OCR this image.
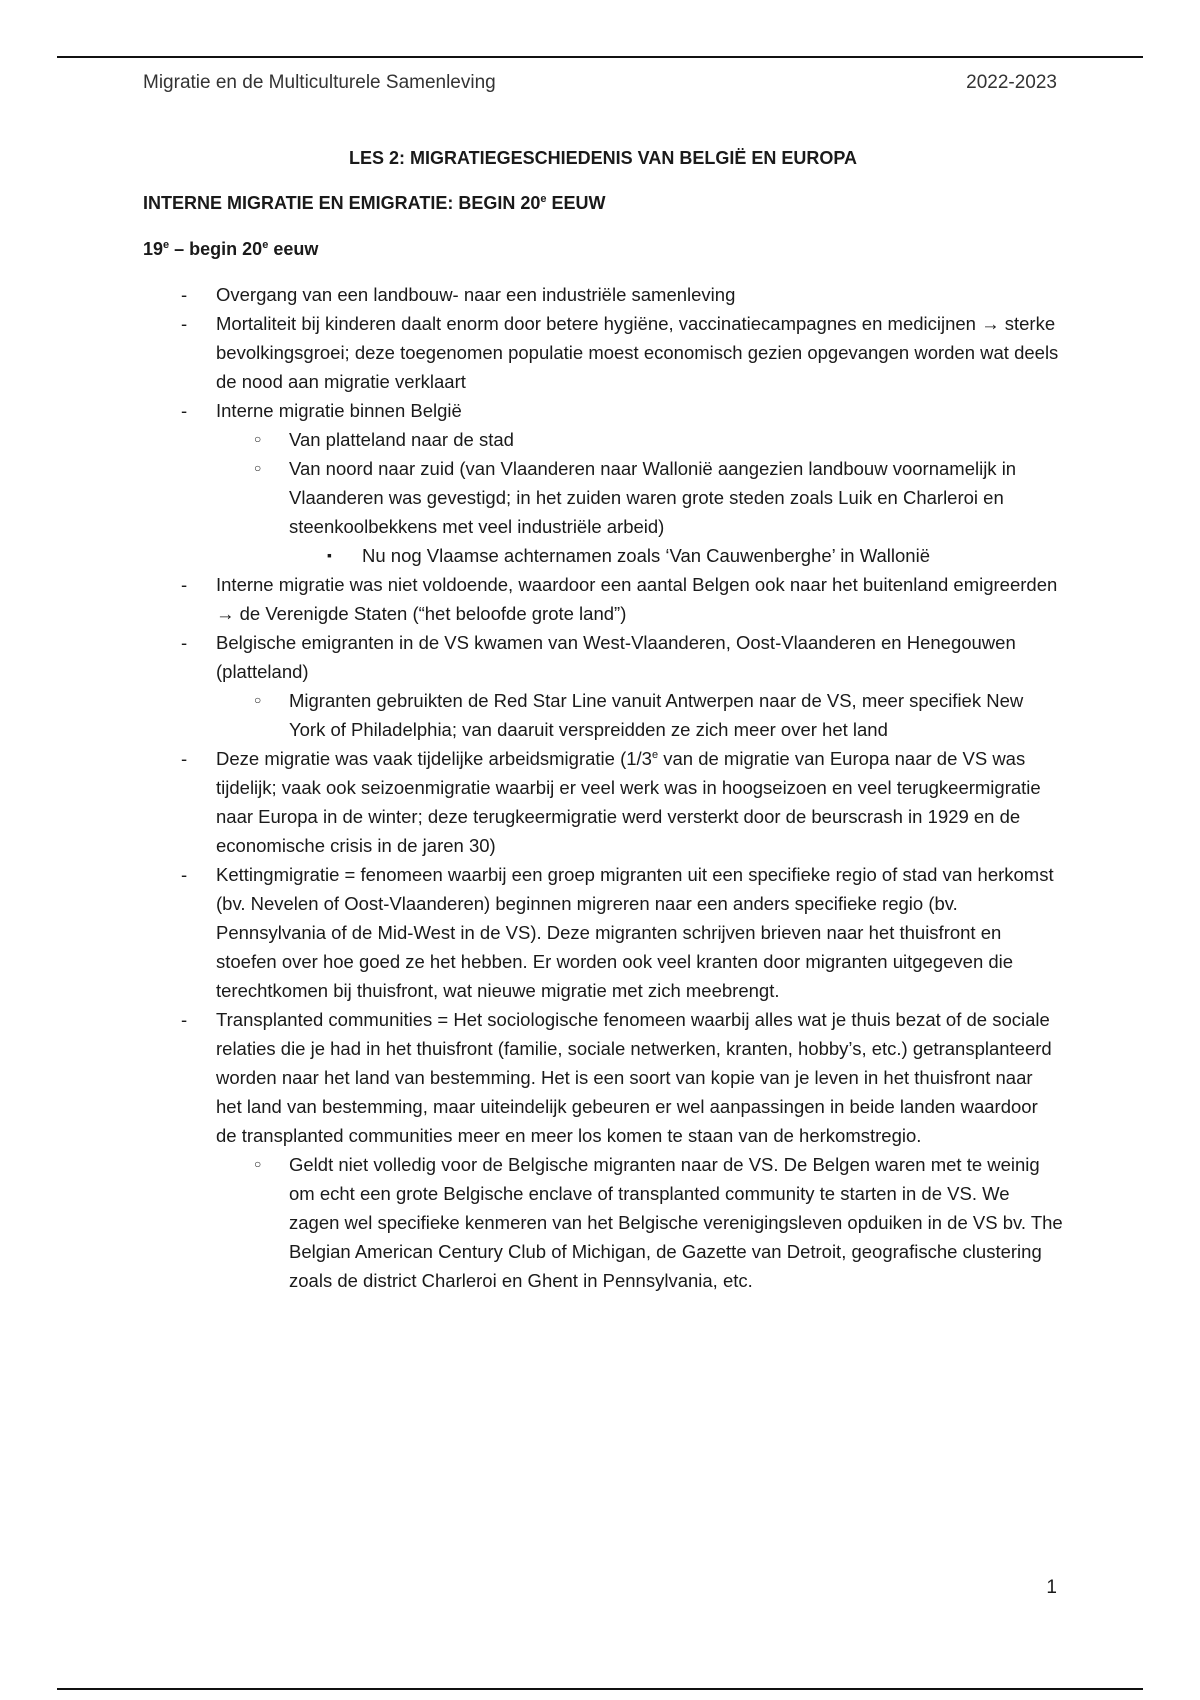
Migratie en de Multiculturele Samenleving	2022-2023
LES 2: MIGRATIEGESCHIEDENIS VAN BELGIË EN EUROPA
INTERNE MIGRATIE EN EMIGRATIE: BEGIN 20e EEUW
19e – begin 20e eeuw
- Overgang van een landbouw- naar een industriële samenleving
- Mortaliteit bij kinderen daalt enorm door betere hygiëne, vaccinatiecampagnes en medicijnen → sterke bevolkingsgroei; deze toegenomen populatie moest economisch gezien opgevangen worden wat deels de nood aan migratie verklaart
- Interne migratie binnen België
○ Van platteland naar de stad
○ Van noord naar zuid (van Vlaanderen naar Wallonië aangezien landbouw voornamelijk in Vlaanderen was gevestigd; in het zuiden waren grote steden zoals Luik en Charleroi en steenkoolbekkens met veel industriële arbeid)
▪ Nu nog Vlaamse achternamen zoals ‘Van Cauwenberghe’ in Wallonië
- Interne migratie was niet voldoende, waardoor een aantal Belgen ook naar het buitenland emigreerden → de Verenigde Staten (“het beloofde grote land”)
- Belgische emigranten in de VS kwamen van West-Vlaanderen, Oost-Vlaanderen en Henegouwen (platteland)
○ Migranten gebruikten de Red Star Line vanuit Antwerpen naar de VS, meer specifiek New York of Philadelphia; van daaruit verspreidden ze zich meer over het land
- Deze migratie was vaak tijdelijke arbeidsmigratie (1/3e van de migratie van Europa naar de VS was tijdelijk; vaak ook seizoenmigratie waarbij er veel werk was in hoogseizoen en veel terugkeermigratie naar Europa in de winter; deze terugkeermigratie werd versterkt door de beurscrash in 1929 en de economische crisis in de jaren 30)
- Kettingmigratie = fenomeen waarbij een groep migranten uit een specifieke regio of stad van herkomst (bv. Nevelen of Oost-Vlaanderen) beginnen migreren naar een anders specifieke regio (bv. Pennsylvania of de Mid-West in de VS). Deze migranten schrijven brieven naar het thuisfront en stoefen over hoe goed ze het hebben. Er worden ook veel kranten door migranten uitgegeven die terechtkomen bij thuisfront, wat nieuwe migratie met zich meebrengt.
- Transplanted communities = Het sociologische fenomeen waarbij alles wat je thuis bezat of de sociale relaties die je had in het thuisfront (familie, sociale netwerken, kranten, hobby’s, etc.) getransplanteerd worden naar het land van bestemming. Het is een soort van kopie van je leven in het thuisfront naar het land van bestemming, maar uiteindelijk gebeuren er wel aanpassingen in beide landen waardoor de transplanted communities meer en meer los komen te staan van de herkomstregio.
○ Geldt niet volledig voor de Belgische migranten naar de VS. De Belgen waren met te weinig om echt een grote Belgische enclave of transplanted community te starten in de VS. We zagen wel specifieke kenmeren van het Belgische verenigingsleven opduiken in de VS bv. The Belgian American Century Club of Michigan, de Gazette van Detroit, geografische clustering zoals de district Charleroi en Ghent in Pennsylvania, etc.
1
